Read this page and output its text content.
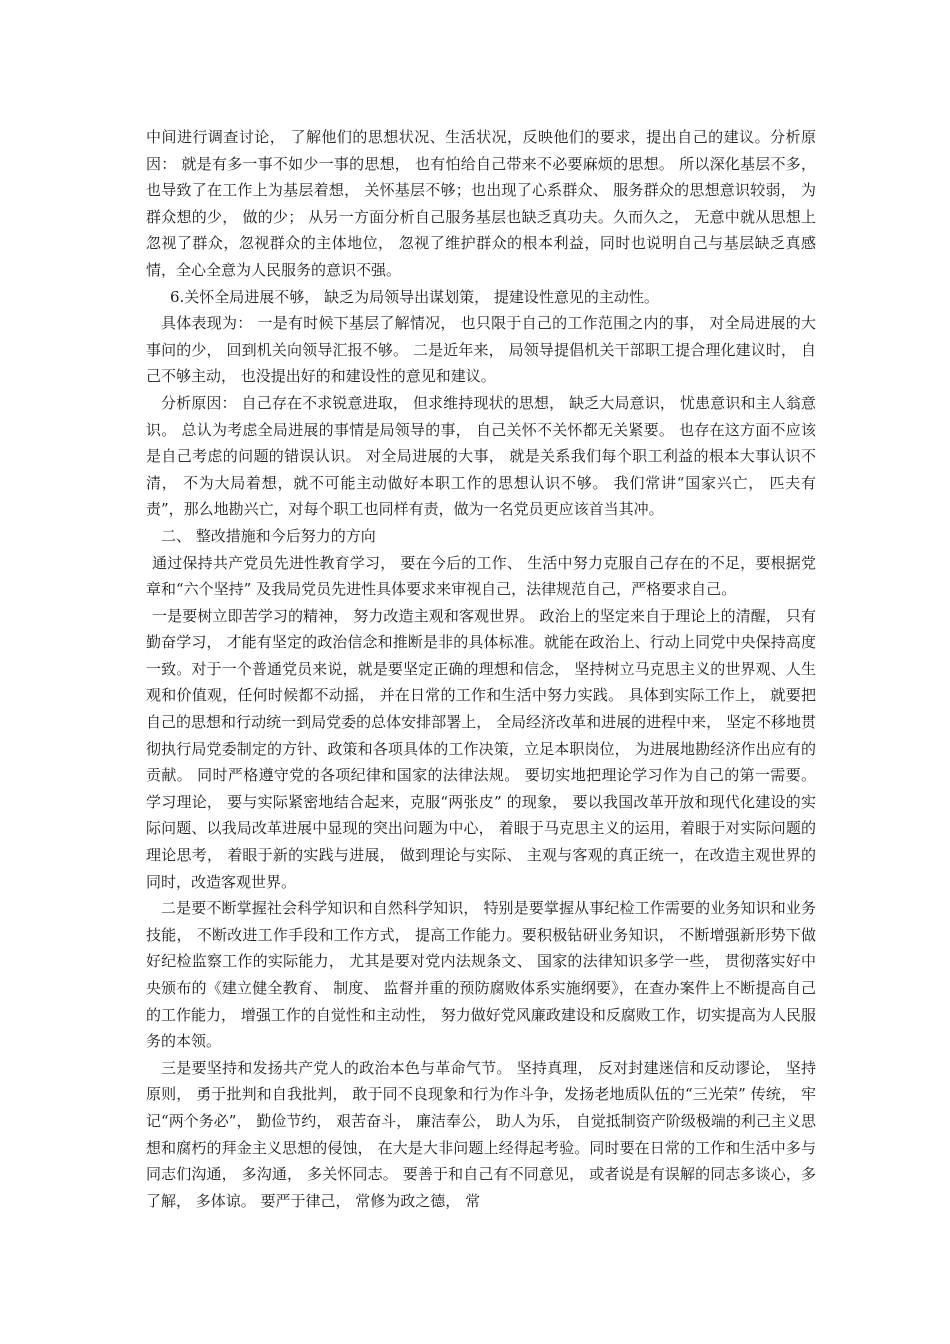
中间进行调查讨论， 了解他们的思想状况、生活状况，反映他们的要求，提出自己的建议。分析原因： 就是有多一事不如少一事的思想， 也有怕给自己带来不必要麻烦的思想。 所以深化基层不多， 也导致了在工作上为基层着想， 关怀基层不够；也出现了心系群众、 服务群众的思想意识较弱， 为群众想的少， 做的少； 从另一方面分析自己服务基层也缺乏真功夫。久而久之， 无意中就从思想上忽视了群众，忽视群众的主体地位， 忽视了维护群众的根本利益，同时也说明自己与基层缺乏真感情，全心全意为人民服务的意识不强。

6.关怀全局进展不够， 缺乏为局领导出谋划策， 提建设性意见的主动性。

具体表现为： 一是有时候下基层了解情况， 也只限于自己的工作范围之内的事， 对全局进展的大事问的少， 回到机关向领导汇报不够。 二是近年来， 局领导提倡机关干部职工提合理化建议时， 自己不够主动， 也没提出好的和建设性的意见和建议。

分析原因： 自己存在不求锐意进取， 但求维持现状的思想， 缺乏大局意识， 忧患意识和主人翁意识。 总认为考虑全局进展的事情是局领导的事， 自己关怀不关怀都无关紧要。 也存在这方面不应该是自己考虑的问题的错误认识。 对全局进展的大事， 就是关系我们每个职工利益的根本大事认识不清， 不为大局着想，就不可能主动做好本职工作的思想认识不够。 我们常讲“国家兴亡， 匹夫有责”，那么地勘兴亡，对每个职工也同样有责，做为一名党员更应该首当其冲。

二、 整改措施和今后努力的方向

通过保持共产党员先进性教育学习， 要在今后的工作、 生活中努力克服自己存在的不足，要根据党章和“六个坚持” 及我局党员先进性具体要求来审视自己，法律规范自己，严格要求自己。

一是要树立即苦学习的精神， 努力改造主观和客观世界。 政治上的坚定来自于理论上的清醒， 只有勤奋学习， 才能有坚定的政治信念和推断是非的具体标准。就能在政治上、行动上同党中央保持高度一致。对于一个普通党员来说，就是要坚定正确的理想和信念， 坚持树立马克思主义的世界观、人生观和价值观，任何时候都不动摇， 并在日常的工作和生活中努力实践。 具体到实际工作上， 就要把自己的思想和行动统一到局党委的总体安排部署上， 全局经济改革和进展的进程中来， 坚定不移地贯彻执行局党委制定的方针、政策和各项具体的工作决策，立足本职岗位， 为进展地勘经济作出应有的贡献。 同时严格遵守党的各项纪律和国家的法律法规。 要切实地把理论学习作为自己的第一需要。 学习理论， 要与实际紧密地结合起来，克服“两张皮” 的现象， 要以我国改革开放和现代化建设的实际问题、以我局改革进展中显现的突出问题为中心， 着眼于马克思主义的运用，着眼于对实际问题的理论思考， 着眼于新的实践与进展， 做到理论与实际、 主观与客观的真正统一，在改造主观世界的同时，改造客观世界。

二是要不断掌握社会科学知识和自然科学知识， 特别是要掌握从事纪检工作需要的业务知识和业务技能， 不断改进工作手段和工作方式， 提高工作能力。要积极钻研业务知识， 不断增强新形势下做好纪检监察工作的实际能力， 尤其是要对党内法规条文、 国家的法律知识多学一些， 贯彻落实好中央颁布的《建立健全教育、 制度、 监督并重的预防腐败体系实施纲要》，在查办案件上不断提高自己的工作能力， 增强工作的自觉性和主动性， 努力做好党风廉政建设和反腐败工作，切实提高为人民服务的本领。

三是要坚持和发扬共产党人的政治本色与革命气节。 坚持真理， 反对封建迷信和反动谬论， 坚持原则， 勇于批判和自我批判， 敢于同不良现象和行为作斗争，发扬老地质队伍的“三光荣” 传统， 牢记“两个务必”， 勤俭节约， 艰苦奋斗， 廉洁奉公， 助人为乐， 自觉抵制资产阶级极端的利己主义思想和腐朽的拜金主义思想的侵蚀， 在大是大非问题上经得起考验。同时要在日常的工作和生活中多与同志们沟通， 多沟通， 多关怀同志。 要善于和自己有不同意见， 或者说是有误解的同志多谈心，多了解， 多体谅。 要严于律己， 常修为政之德， 常
